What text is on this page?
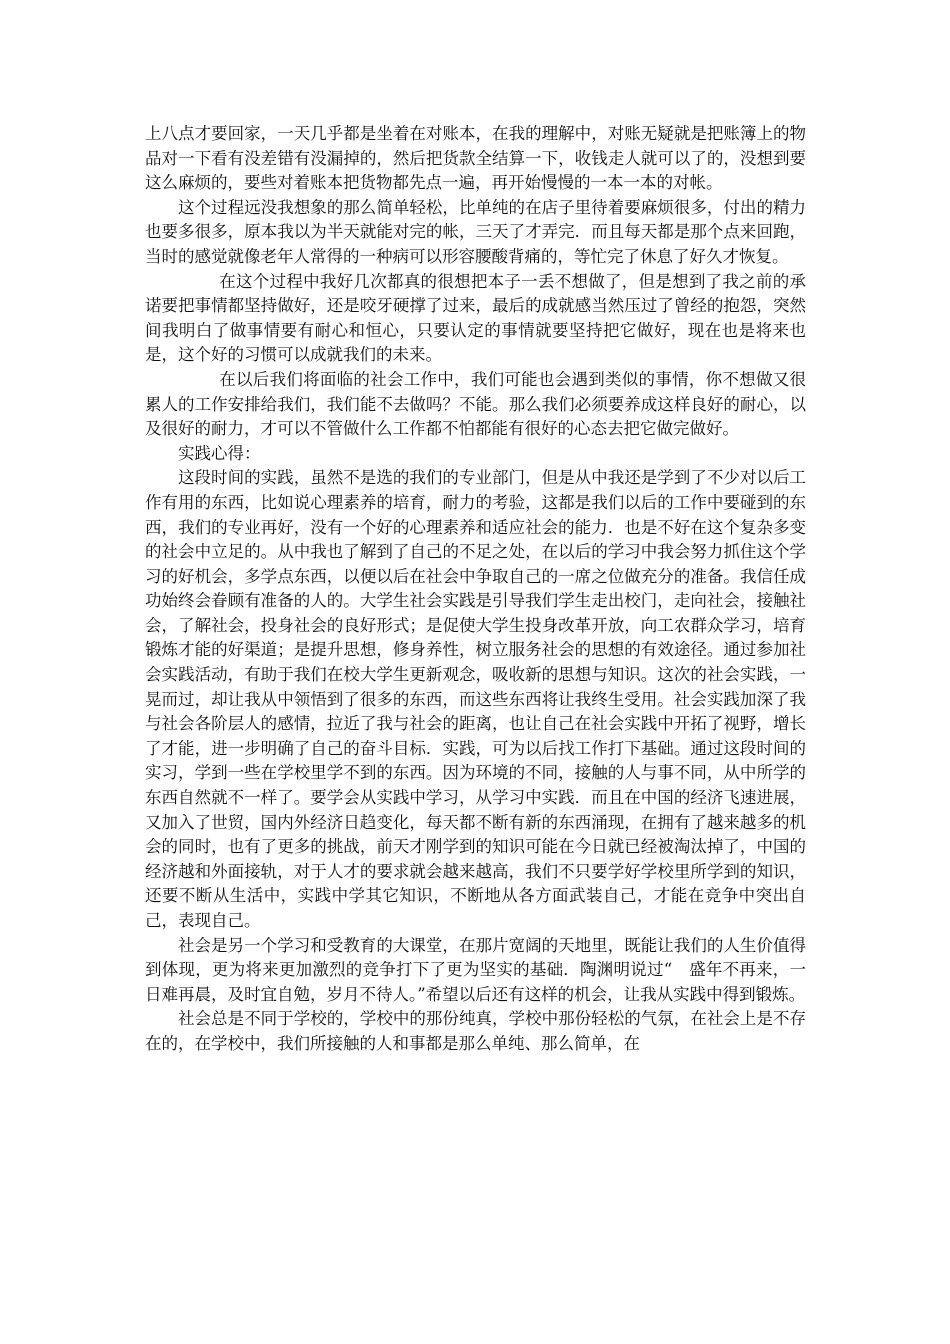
上八点才要回家，一天几乎都是坐着在对账本，在我的理解中，对账无疑就是把账簿上的物品对一下看有没差错有没漏掉的，然后把货款全结算一下，收钱走人就可以了的，没想到要这么麻烦的，要些对着账本把货物都先点一遍，再开始慢慢的一本一本的对帐。

这个过程远没我想象的那么简单轻松，比单纯的在店子里待着要麻烦很多，付出的精力也要多很多，原本我以为半天就能对完的帐，三天了才弄完．而且每天都是那个点来回跑，当时的感觉就像老年人常得的一种病可以形容腰酸背痛的，等忙完了休息了好久才恢复。

在这个过程中我好几次都真的很想把本子一丢不想做了，但是想到了我之前的承诺要把事情都坚持做好，还是咬牙硬撑了过来，最后的成就感当然压过了曾经的抱怨，突然间我明白了做事情要有耐心和恒心，只要认定的事情就要坚持把它做好，现在也是将来也是，这个好的习惯可以成就我们的未来。

在以后我们将面临的社会工作中，我们可能也会遇到类似的事情，你不想做又很累人的工作安排给我们，我们能不去做吗？不能。那么我们必须要养成这样良好的耐心，以及很好的耐力，才可以不管做什么工作都不怕都能有很好的心态去把它做完做好。

实践心得：

这段时间的实践，虽然不是选的我们的专业部门，但是从中我还是学到了不少对以后工作有用的东西，比如说心理素养的培育，耐力的考验，这都是我们以后的工作中要碰到的东西，我们的专业再好，没有一个好的心理素养和适应社会的能力．也是不好在这个复杂多变的社会中立足的。从中我也了解到了自己的不足之处，在以后的学习中我会努力抓住这个学习的好机会，多学点东西，以便以后在社会中争取自己的一席之位做充分的准备。我信任成功始终会眷顾有准备的人的。大学生社会实践是引导我们学生走出校门，走向社会，接触社会，了解社会，投身社会的良好形式；是促使大学生投身改革开放，向工农群众学习，培育锻炼才能的好渠道；是提升思想，修身养性，树立服务社会的思想的有效途径。通过参加社会实践活动，有助于我们在校大学生更新观念，吸收新的思想与知识。这次的社会实践，一晃而过，却让我从中领悟到了很多的东西，而这些东西将让我终生受用。社会实践加深了我与社会各阶层人的感情，拉近了我与社会的距离，也让自己在社会实践中开拓了视野，增长了才能，进一步明确了自己的奋斗目标．实践，可为以后找工作打下基础。通过这段时间的实习，学到一些在学校里学不到的东西。因为环境的不同，接触的人与事不同，从中所学的东西自然就不一样了。要学会从实践中学习，从学习中实践．而且在中国的经济飞速进展，又加入了世贸，国内外经济日趋变化，每天都不断有新的东西涌现，在拥有了越来越多的机会的同时，也有了更多的挑战，前天才刚学到的知识可能在今日就已经被淘汰掉了，中国的经济越和外面接轨，对于人才的要求就会越来越高，我们不只要学好学校里所学到的知识，还要不断从生活中，实践中学其它知识，不断地从各方面武装自己，才能在竞争中突出自己，表现自己。

社会是另一个学习和受教育的大课堂，在那片宽阔的天地里，既能让我们的人生价值得到体现，更为将来更加激烈的竞争打下了更为坚实的基础．陶渊明说过“　盛年不再来，一日难再晨，及时宜自勉，岁月不待人。”希望以后还有这样的机会，让我从实践中得到锻炼。

社会总是不同于学校的，学校中的那份纯真，学校中那份轻松的气氛，在社会上是不存在的，在学校中，我们所接触的人和事都是那么单纯、那么简单，在
